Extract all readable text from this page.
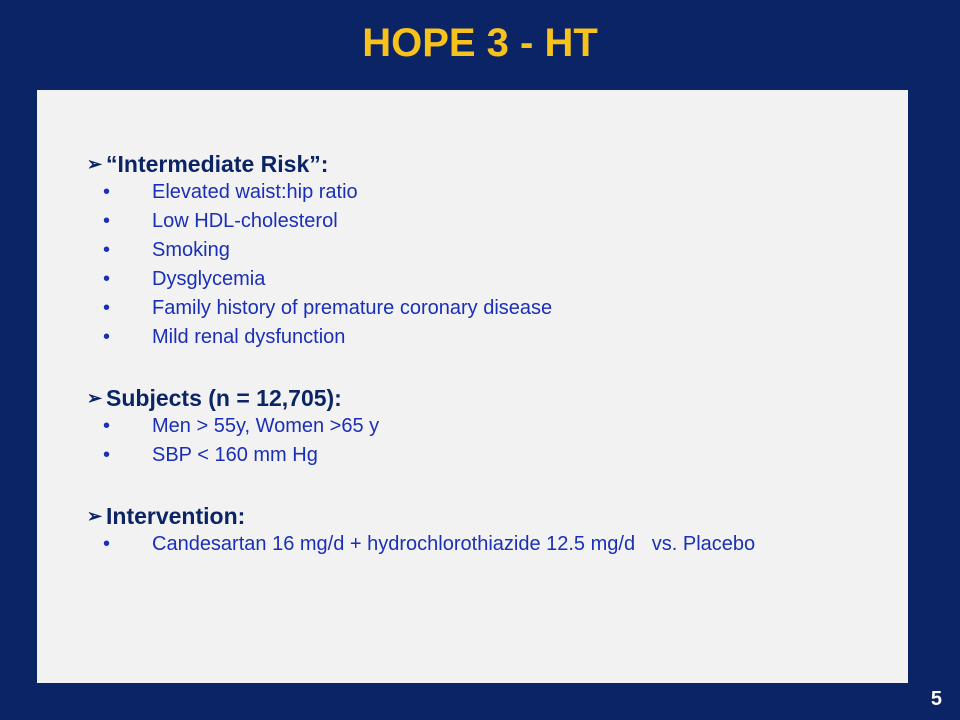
HOPE 3 - HT
➢ “Intermediate Risk”:
•	Elevated waist:hip ratio
•	Low HDL-cholesterol
•	Smoking
•	Dysglycemia
•	Family history of premature coronary disease
•	Mild renal dysfunction
➢ Subjects (n = 12,705):
•	Men > 55y, Women >65 y
•	SBP < 160 mm Hg
➢ Intervention:
•	Candesartan 16 mg/d + hydrochlorothiazide 12.5 mg/d   vs. Placebo
5
